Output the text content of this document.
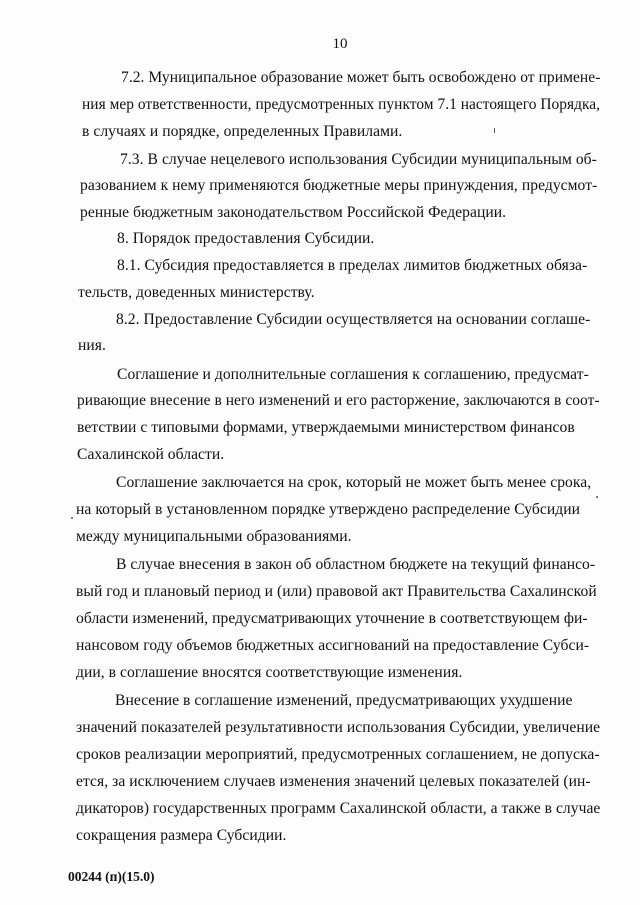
10
7.2. Муниципальное образование может быть освобождено от примене-
ния мер ответственности, предусмотренных пунктом 7.1 настоящего Порядка,
в случаях и порядке, определенных Правилами.
7.3. В случае нецелевого использования Субсидии муниципальным об-
разованием к нему применяются бюджетные меры принуждения, предусмот-
ренные бюджетным законодательством Российской Федерации.
8. Порядок предоставления Субсидии.
8.1. Субсидия предоставляется в пределах лимитов бюджетных обяза-
тельств, доведенных министерству.
8.2. Предоставление Субсидии осуществляется на основании соглаше-
ния.
Соглашение и дополнительные соглашения к соглашению, предусмат-
ривающие внесение в него изменений и его расторжение, заключаются в соот-
ветствии с типовыми формами, утверждаемыми министерством финансов
Сахалинской области.
Соглашение заключается на срок, который не может быть менее срока,
на который в установленном порядке утверждено распределение Субсидии
между муниципальными образованиями.
В случае внесения в закон об областном бюджете на текущий финансо-
вый год и плановый период и (или) правовой акт Правительства Сахалинской
области изменений, предусматривающих уточнение в соответствующем фи-
нансовом году объемов бюджетных ассигнований на предоставление Субси-
дии, в соглашение вносятся соответствующие изменения.
Внесение в соглашение изменений, предусматривающих ухудшение
значений показателей результативности использования Субсидии, увеличение
сроков реализации мероприятий, предусмотренных соглашением, не допуска-
ется, за исключением случаев изменения значений целевых показателей (ин-
дикаторов) государственных программ Сахалинской области, а также в случае
сокращения размера Субсидии.
00244 (п)(15.0)
